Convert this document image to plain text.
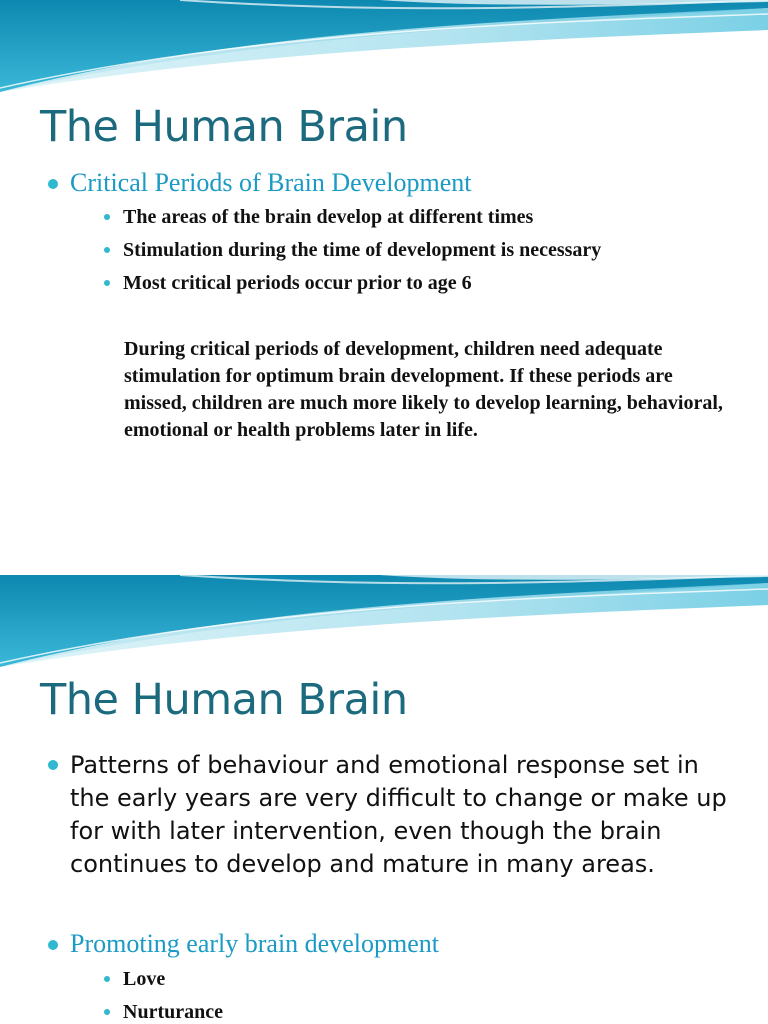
The Human Brain
Critical Periods of Brain Development
The areas of the brain develop at different times
Stimulation during the time of development is necessary
Most critical periods occur prior to age 6

During critical periods of development, children need adequate stimulation for optimum brain development. If these periods are missed, children are much more likely to develop learning, behavioral, emotional or health problems later in life.

The Human Brain
Patterns of behaviour and emotional response set in the early years are very difficult to change or make up for with later intervention, even though the brain continues to develop and mature in many areas.
Promoting early brain development
Love
Nurturance
